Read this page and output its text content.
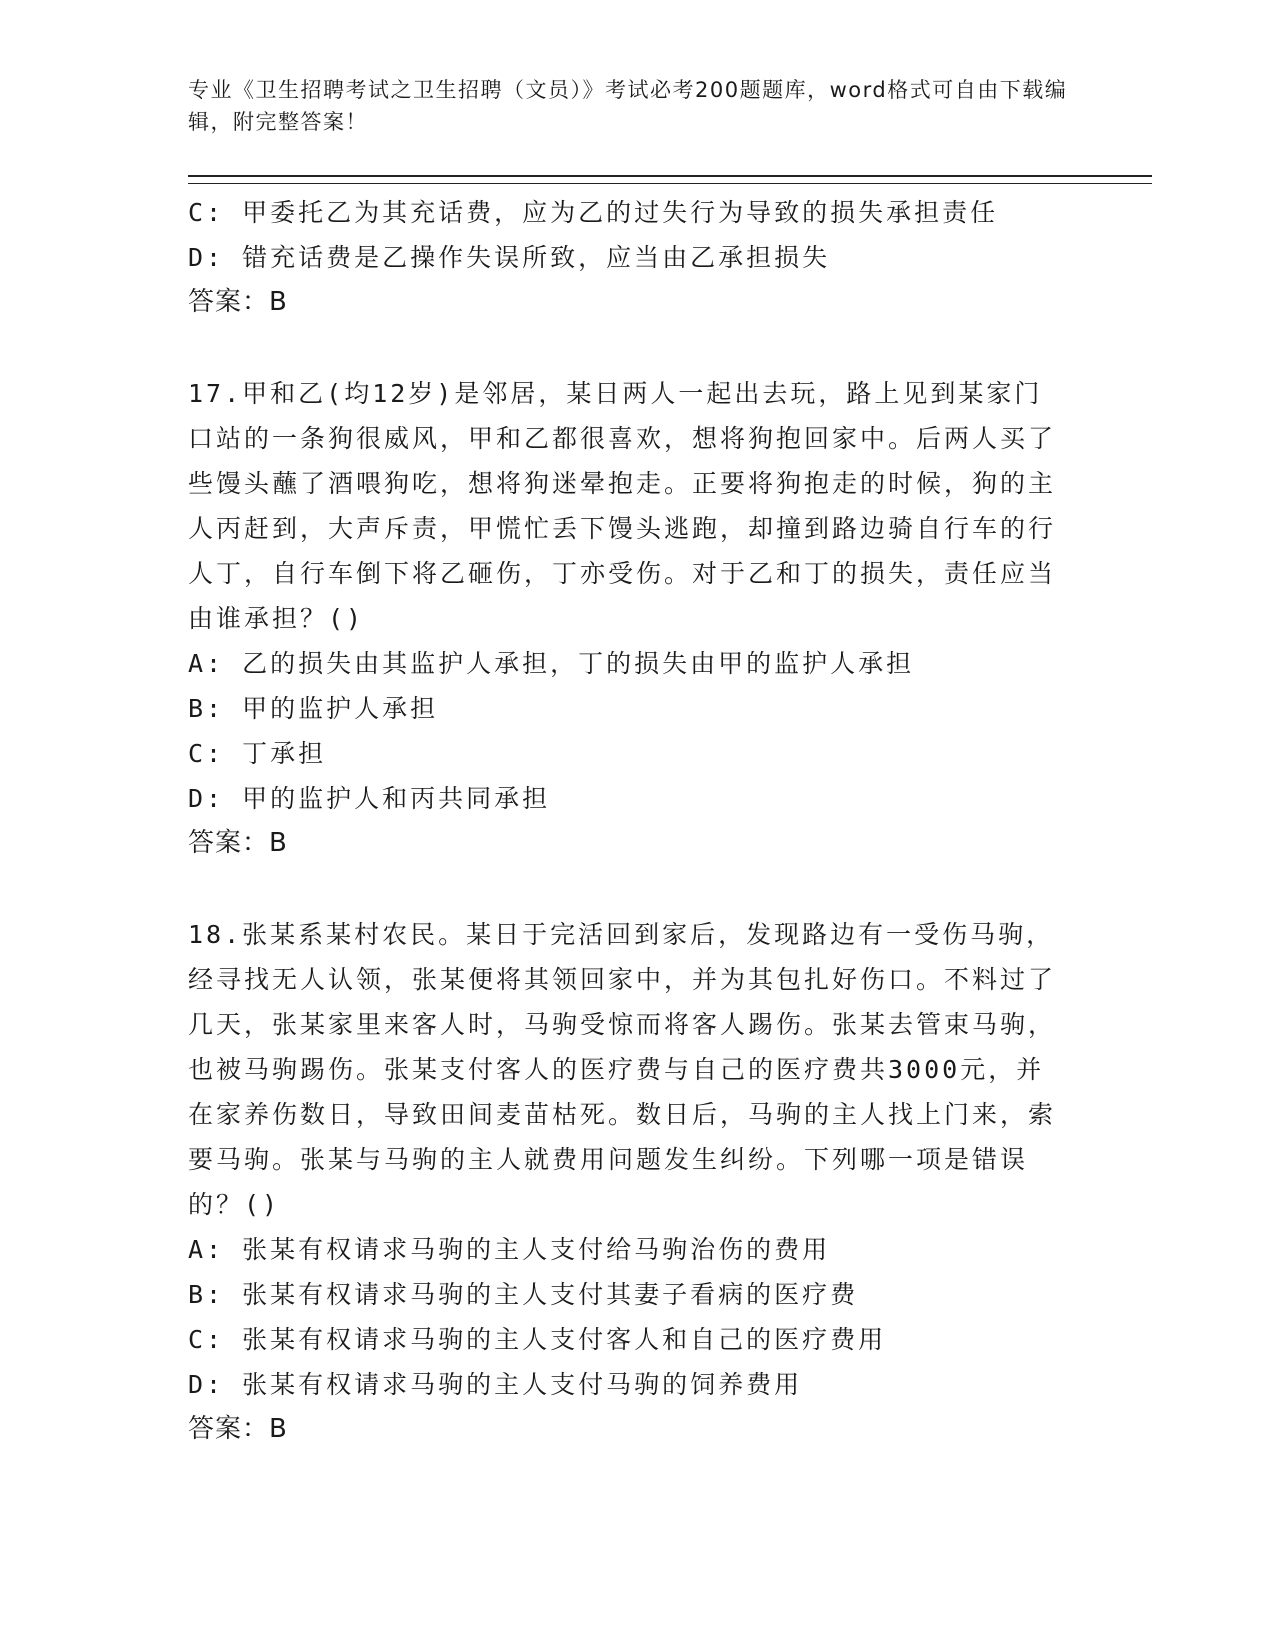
专业《卫生招聘考试之卫生招聘（文员）》考试必考200题题库，word格式可自由下载编辑，附完整答案！

C: 甲委托乙为其充话费，应为乙的过失行为导致的损失承担责任

D: 错充话费是乙操作失误所致，应当由乙承担损失

答案：B

17.甲和乙(均12岁)是邻居，某日两人一起出去玩，路上见到某家门口站的一条狗很威风，甲和乙都很喜欢，想将狗抱回家中。后两人买了些馒头蘸了酒喂狗吃，想将狗迷晕抱走。正要将狗抱走的时候，狗的主人丙赶到，大声斥责，甲慌忙丢下馒头逃跑，却撞到路边骑自行车的行人丁，自行车倒下将乙砸伤，丁亦受伤。对于乙和丁的损失，责任应当由谁承担？()

A: 乙的损失由其监护人承担，丁的损失由甲的监护人承担

B: 甲的监护人承担

C: 丁承担

D: 甲的监护人和丙共同承担

答案：B

18.张某系某村农民。某日于完活回到家后，发现路边有一受伤马驹，经寻找无人认领，张某便将其领回家中，并为其包扎好伤口。不料过了几天，张某家里来客人时，马驹受惊而将客人踢伤。张某去管束马驹，也被马驹踢伤。张某支付客人的医疗费与自己的医疗费共3000元，并在家养伤数日，导致田间麦苗枯死。数日后，马驹的主人找上门来，索要马驹。张某与马驹的主人就费用问题发生纠纷。下列哪一项是错误的？()

A: 张某有权请求马驹的主人支付给马驹治伤的费用

B: 张某有权请求马驹的主人支付其妻子看病的医疗费

C: 张某有权请求马驹的主人支付客人和自己的医疗费用

D: 张某有权请求马驹的主人支付马驹的饲养费用

答案：B
